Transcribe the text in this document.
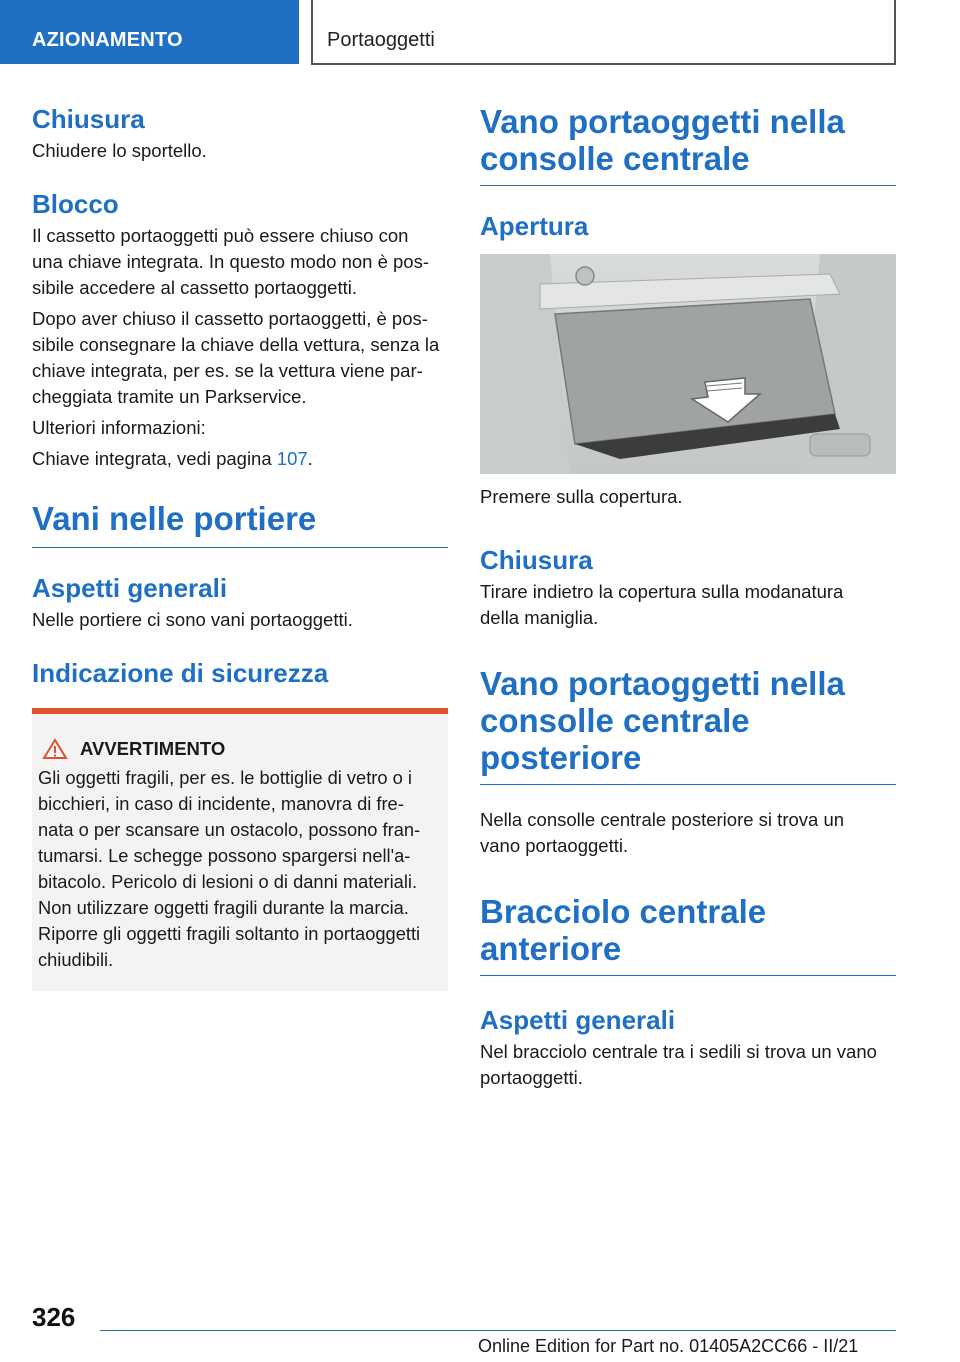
AZIONAMENTO	Portaoggetti
Chiusura

Chiudere lo sportello.

Blocco

Il cassetto portaoggetti può essere chiuso con
una chiave integrata. In questo modo non è pos-
sibile accedere al cassetto portaoggetti.

Dopo aver chiuso il cassetto portaoggetti, è pos-
sibile consegnare la chiave della vettura, senza la
chiave integrata, per es. se la vettura viene par-
cheggiata tramite un Parkservice.

Ulteriori informazioni:

Chiave integrata, vedi pagina 107.

Vani nelle portiere
Aspetti generali

Nelle portiere ci sono vani portaoggetti.

Indicazione di sicurezza
AVVERTIMENTO

Gli oggetti fragili, per es. le bottiglie di vetro o i
bicchieri, in caso di incidente, manovra di fre-
nata o per scansare un ostacolo, possono fran-
tumarsi. Le schegge possono spargersi nell'a-
bitacolo. Pericolo di lesioni o di danni materiali.
Non utilizzare oggetti fragili durante la marcia.
Riporre gli oggetti fragili soltanto in portaoggetti
chiudibili.

Vano portaoggetti nella
consolle centrale
Apertura

Premere sulla copertura.

Chiusura

Tirare indietro la copertura sulla modanatura
della maniglia.

Vano portaoggetti nella
consolle centrale
posteriore

Nella consolle centrale posteriore si trova un
vano portaoggetti.

Bracciolo centrale
anteriore
Aspetti generali

Nel bracciolo centrale tra i sedili si trova un vano
portaoggetti.

326
Online Edition for Part no. 01405A2CC66 - II/21
